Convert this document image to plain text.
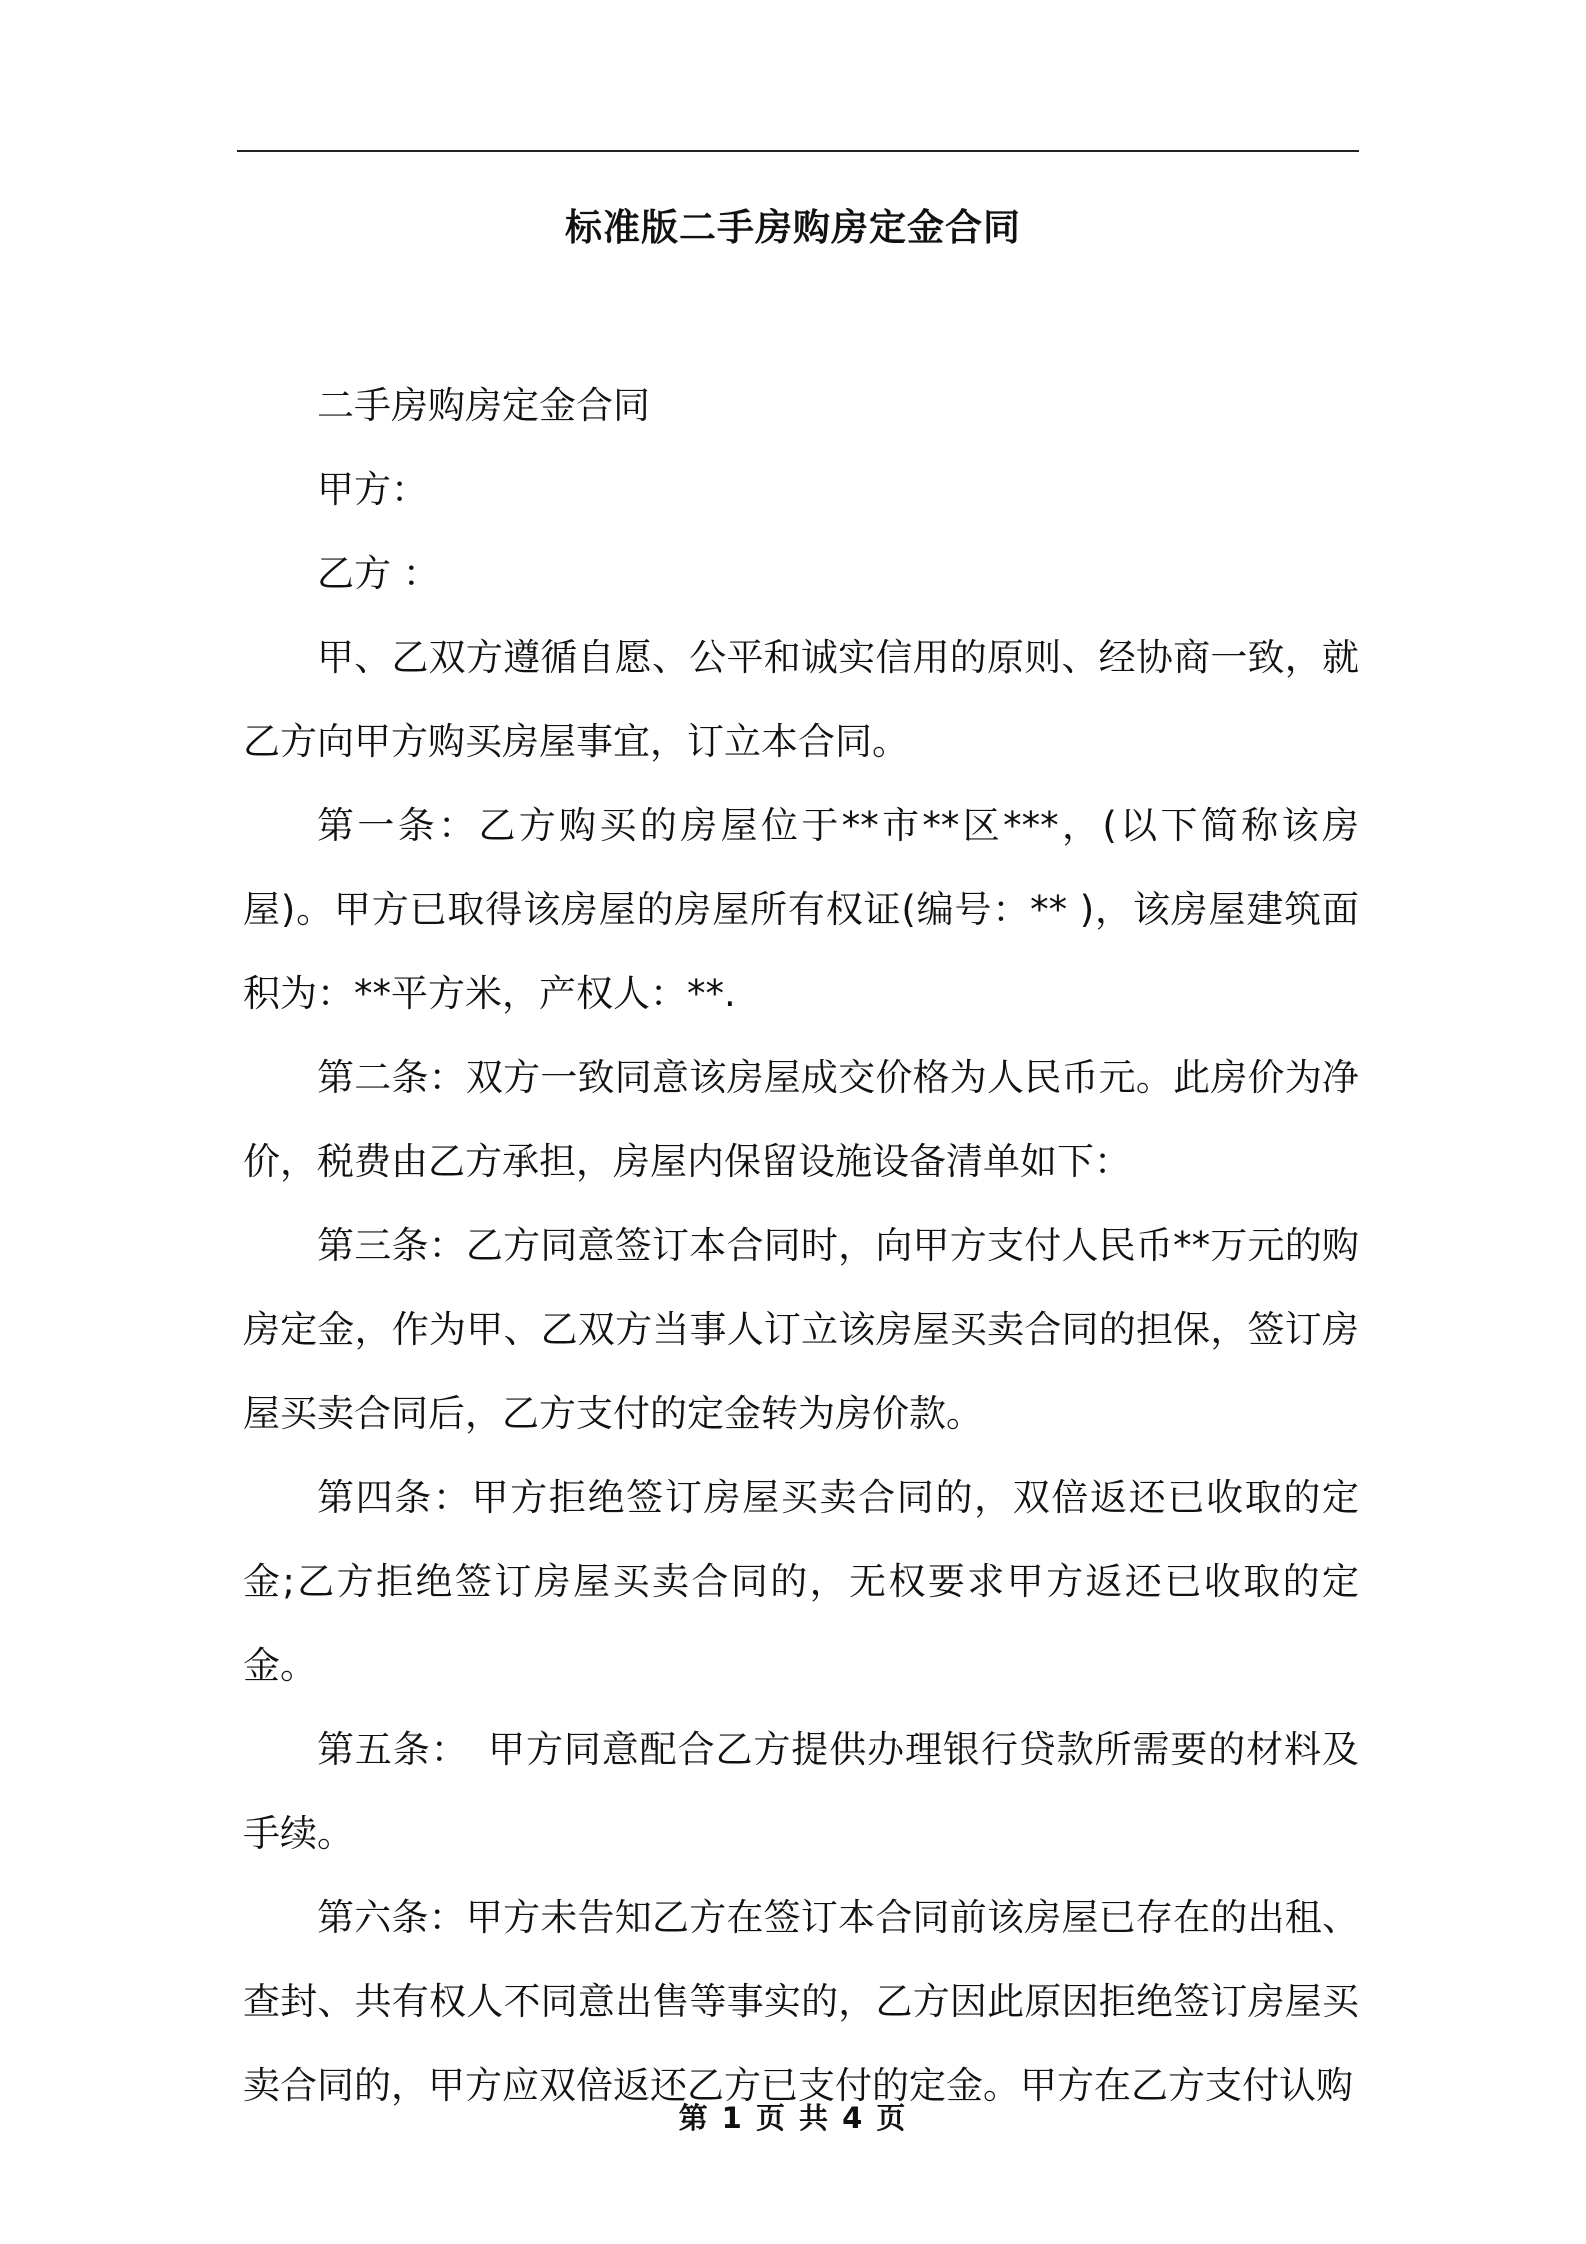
标准版二手房购房定金合同

二手房购房定金合同

甲方：

乙方 ：

甲、乙双方遵循自愿、公平和诚实信用的原则、经协商一致，就乙方向甲方购买房屋事宜，订立本合同。

第一条：乙方购买的房屋位于**市**区***，(以下简称该房屋)。甲方已取得该房屋的房屋所有权证(编号：** )，该房屋建筑面积为：**平方米，产权人：**.

第二条：双方一致同意该房屋成交价格为人民币元。此房价为净价，税费由乙方承担，房屋内保留设施设备清单如下：

第三条：乙方同意签订本合同时，向甲方支付人民币**万元的购房定金，作为甲、乙双方当事人订立该房屋买卖合同的担保，签订房屋买卖合同后，乙方支付的定金转为房价款。

第四条：甲方拒绝签订房屋买卖合同的，双倍返还已收取的定金;乙方拒绝签订房屋买卖合同的，无权要求甲方返还已收取的定金。

第五条：　甲方同意配合乙方提供办理银行贷款所需要的材料及手续。

第六条：甲方未告知乙方在签订本合同前该房屋已存在的出租、查封、共有权人不同意出售等事实的，乙方因此原因拒绝签订房屋买卖合同的，甲方应双倍返还乙方已支付的定金。甲方在乙方支付认购

第 1 页 共 4 页
